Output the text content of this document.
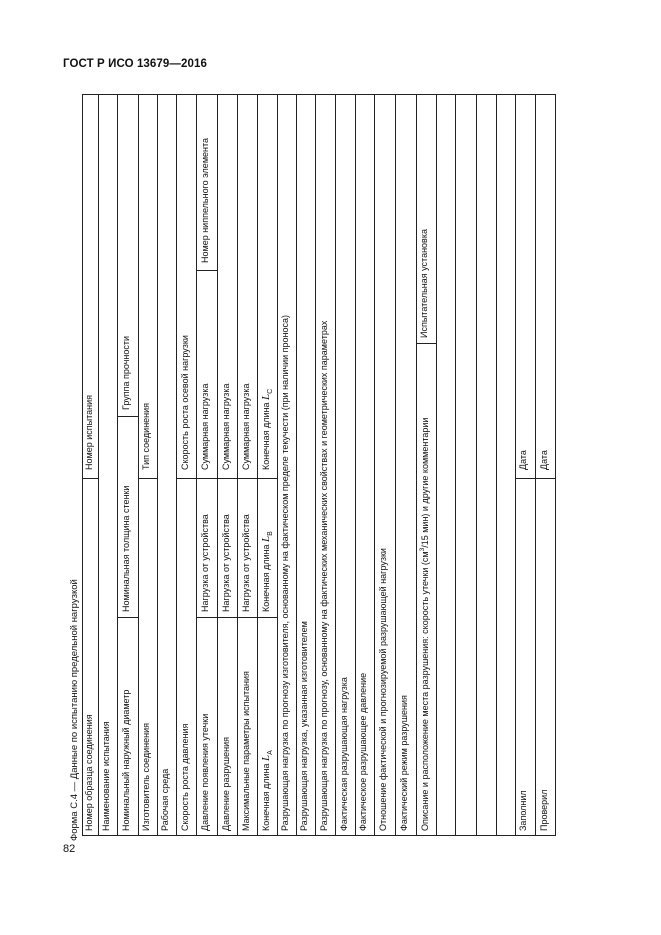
ГОСТ Р ИСО 13679—2016
82
Форма С.4 — Данные по испытанию предельной нагрузкой Номер образца соединения
Номер испытания
Наименование испытания Номинальный наружный диаметр
Номинальная толщина стенки
Группа прочности
Изготовитель соединения
Тип соединения
Рабочая среда Скорость роста давления
Скорость роста осевой нагрузки
Давление появления утечки
Нагрузка от устройства
Суммарная нагрузка
Номер ниппельного элемента
Давление разрушения
Нагрузка от устройства
Суммарная нагрузка
Максимальные параметры испытания
Нагрузка от устройства
Суммарная нагрузка
Конечная длина $L_A$
Конечная длина $L_B$
Конечная длина $L_C$ Разрушающая нагрузка по прогнозу изготовителя, основанному на фактическом пределе текучести (при наличии проноса) Разрушающая нагрузка, указанная изготовителем Разрушающая нагрузка по прогнозу, основанному на фактических механических свойствах и геометрических параметрах Фактическая разрушающая нагрузка Фактическое разрушающее давление Отношение фактической и прогнозируемой разрушающей нагрузки Фактический режим разрушения Описание и расположение места разрушения: скорость утечки ($см^3/15$ мин) и другие комментарии
Испытательная установка
Заполнил
Дата
Проверил
Дата
